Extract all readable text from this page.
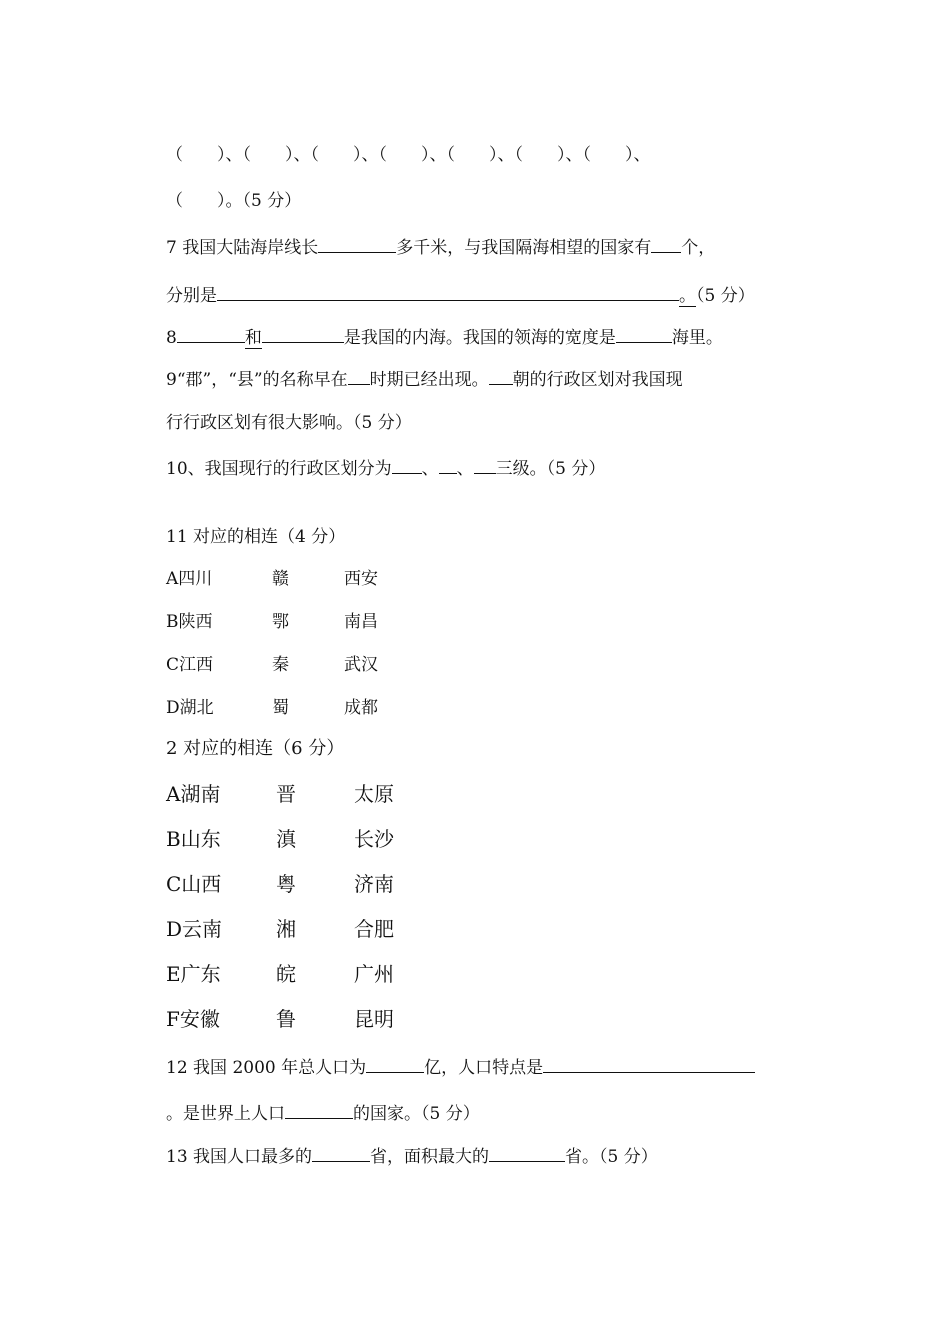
（　　）、（　　）、（　　）、（　　）、（　　）、（　　）、（　　）、
（　　）。（5 分）
7 我国大陆海岸线长	多千米，与我国隔海相望的国家有 个，
分别是	。（5 分）
8	和	是我国的内海。我国的领海的宽度是	海里。
9“郡”，“县”的名称早在 时期已经出现。 朝的行政区划对我国现
行行政区划有很大影响。（5 分）
10、我国现行的行政区划分为 、 、 三级。（5 分）
11 对应的相连（4 分）
A四川	赣	西安
B陕西	鄂	南昌
C江西	秦	武汉
D湖北	蜀	成都
2 对应的相连（6 分）
A湖南	晋	太原
B山东	滇	长沙
C山西	粤	济南
D云南	湘	合肥
E广东	皖	广州
F安徽	鲁	昆明
12 我国 2000 年总人口为	亿，人口特点是
。是世界上人口	的国家。（5 分）
13 我国人口最多的	省，面积最大的	省。（5 分）
